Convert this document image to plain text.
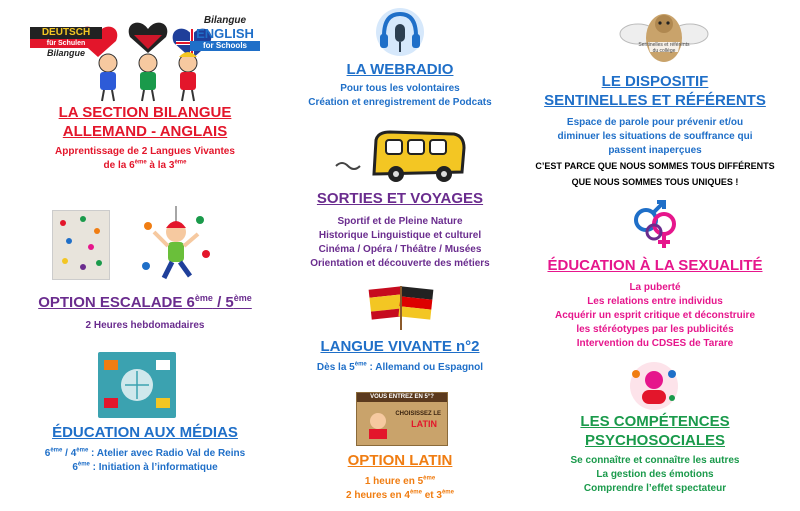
DEUTSCH
für Schulen
Bilangue
Bilangue
ENGLISH
for Schools
LA SECTION BILANGUE
ALLEMAND - ANGLAIS
Apprentissage de 2 Langues Vivantes
de la 6ème à la 3ème
OPTION ESCALADE 6ème / 5ème
2 Heures hebdomadaires
ÉDUCATION AUX MÉDIAS
6ème / 4ème : Atelier avec Radio Val de Reins
6ème : Initiation à l’informatique
LA WEBRADIO
Pour tous les volontaires
Création et enregistrement de Podcats
SORTIES ET VOYAGES
Sportif et de Pleine Nature
Historique Linguistique et culturel
Cinéma / Opéra / Théâtre / Musées
Orientation et découverte des métiers
LANGUE VIVANTE n°2
Dès la 5ème : Allemand ou Espagnol
VOUS ENTREZ EN 5°?
CHOISISSEZ LE
LATIN
OPTION LATIN
1 heure en 5ème
2 heures en 4ème et 3ème
Sentinelles et référents
du collège
LE DISPOSITIF
SENTINELLES ET RÉFÉRENTS
Espace de parole pour prévenir et/ou
diminuer les situations de souffrance qui
passent inaperçues
C’EST PARCE QUE NOUS SOMMES TOUS DIFFÉRENTS
QUE NOUS SOMMES TOUS UNIQUES !
ÉDUCATION À LA SEXUALITÉ
La puberté
Les relations entre individus
Acquérir un esprit critique et déconstruire
les stéréotypes par les publicités
Intervention du CDSES de Tarare
LES COMPÉTENCES
PSYCHOSOCIALES
Se connaître et connaître les autres
La gestion des émotions
Comprendre l’effet spectateur
